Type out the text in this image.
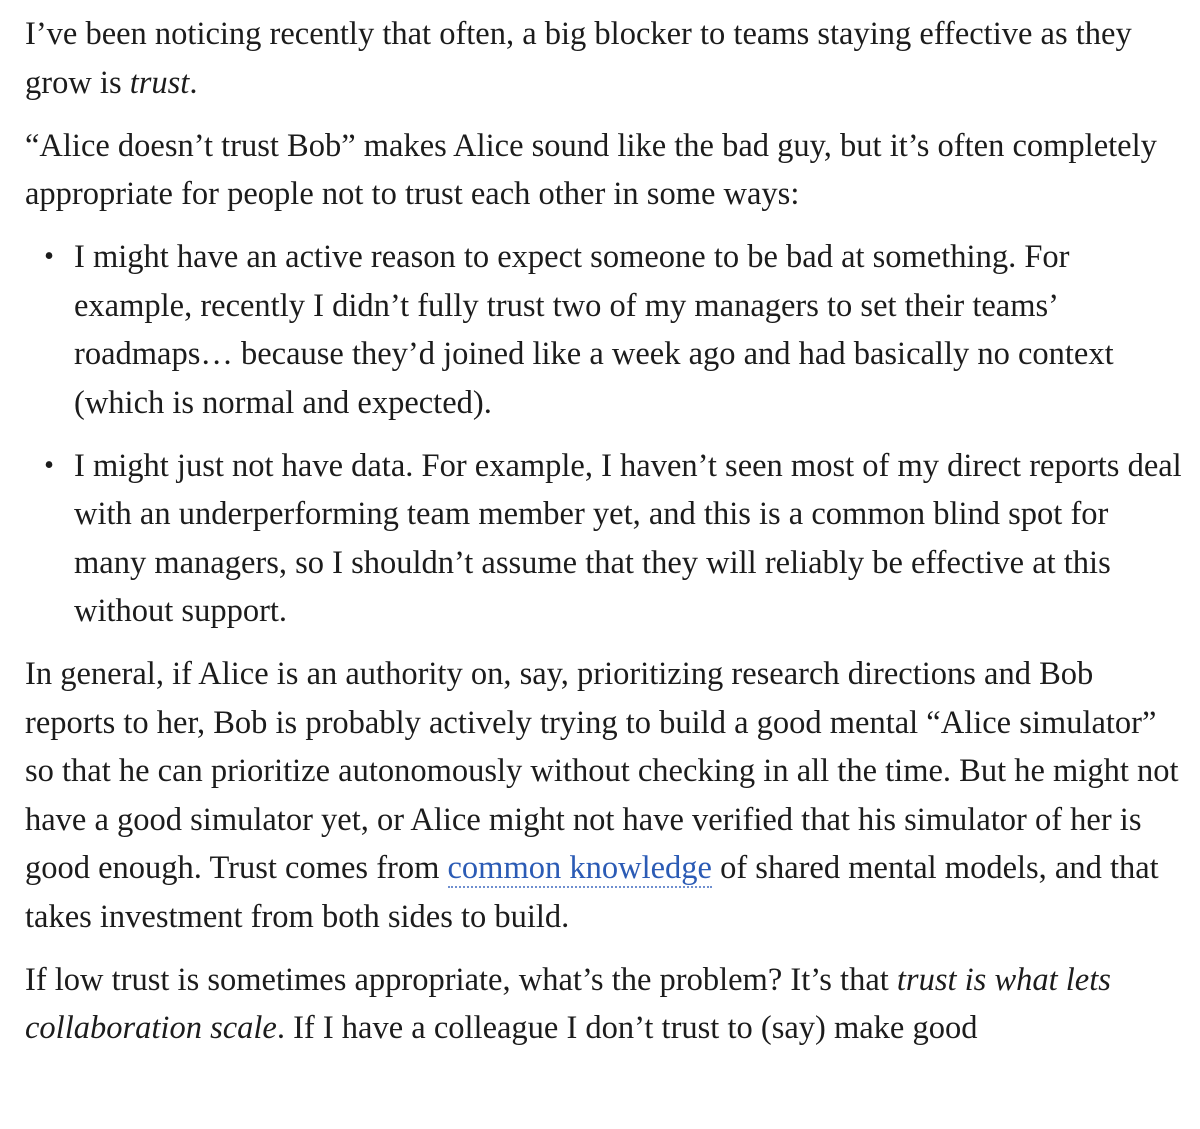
I’ve been noticing recently that often, a big blocker to teams staying effective as they grow is trust.

“Alice doesn’t trust Bob” makes Alice sound like the bad guy, but it’s often completely appropriate for people not to trust each other in some ways:

• I might have an active reason to expect someone to be bad at something. For example, recently I didn’t fully trust two of my managers to set their teams’ roadmaps… because they’d joined like a week ago and had basically no context (which is normal and expected).
• I might just not have data. For example, I haven’t seen most of my direct reports deal with an underperforming team member yet, and this is a common blind spot for many managers, so I shouldn’t assume that they will reliably be effective at this without support.

In general, if Alice is an authority on, say, prioritizing research directions and Bob reports to her, Bob is probably actively trying to build a good mental “Alice simulator” so that he can prioritize autonomously without checking in all the time. But he might not have a good simulator yet, or Alice might not have verified that his simulator of her is good enough. Trust comes from common knowledge of shared mental models, and that takes investment from both sides to build.

If low trust is sometimes appropriate, what’s the problem? It’s that trust is what lets collaboration scale. If I have a colleague I don’t trust to (say) make good
